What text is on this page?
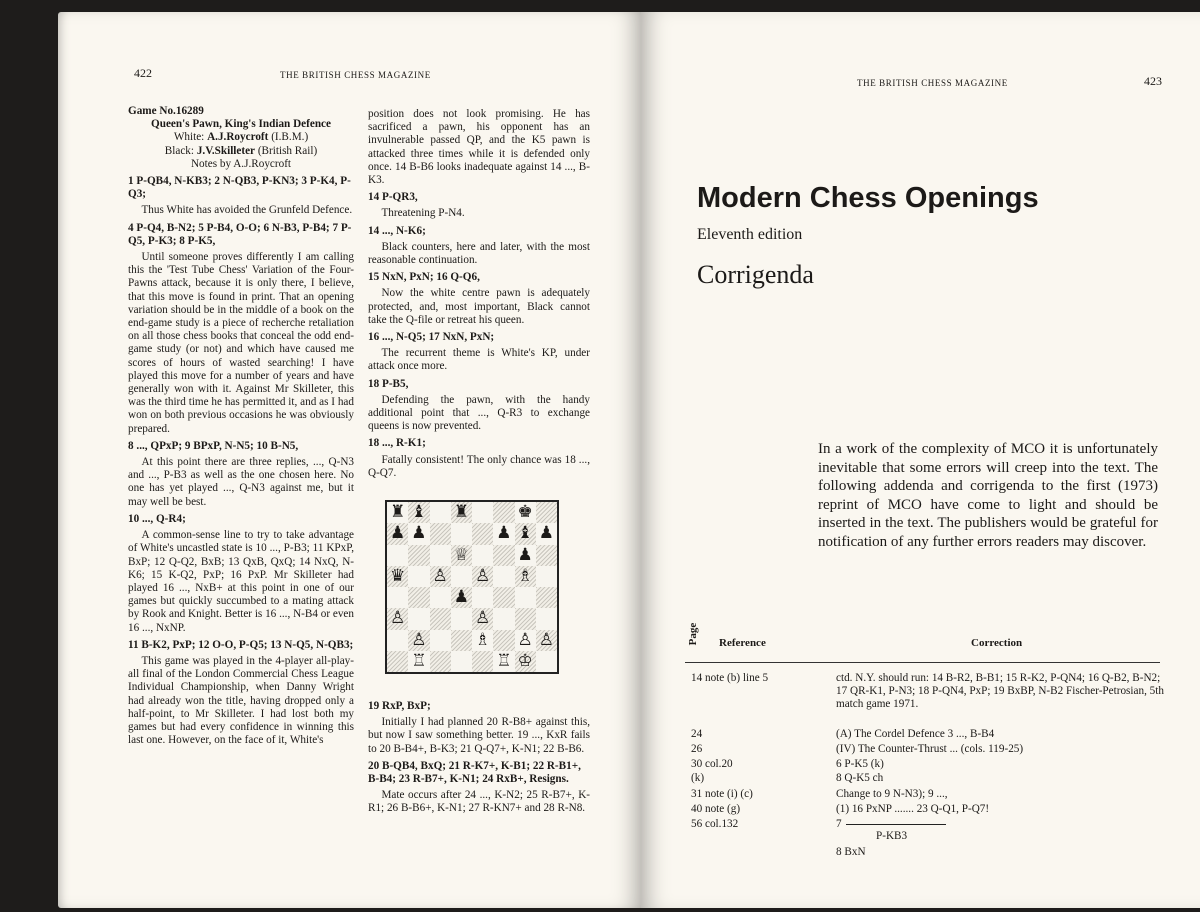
422	THE BRITISH CHESS MAGAZINE

Game No.16289

Queen's Pawn, King's Indian Defence

White: A.J.Roycroft (I.B.M.)

Black: J.V.Skilleter (British Rail)

Notes by A.J.Roycroft

1 P-QB4, N-KB3; 2 N-QB3, P-KN3; 3 P-K4, P-Q3;

Thus White has avoided the Grunfeld Defence.

4 P-Q4, B-N2; 5 P-B4, O-O; 6 N-B3, P-B4; 7 P-Q5, P-K3; 8 P-K5,

Until someone proves differently I am calling this the 'Test Tube Chess' Variation of the Four-Pawns attack, because it is only there, I believe, that this move is found in print. That an opening variation should be in the middle of a book on the end-game study is a piece of recherche retaliation on all those chess books that conceal the odd end-game study (or not) and which have caused me scores of hours of wasted searching! I have played this move for a number of years and have generally won with it. Against Mr Skilleter, this was the third time he has permitted it, and as I had won on both previous occasions he was obviously prepared.

8 ..., QPxP; 9 BPxP, N-N5; 10 B-N5,

At this point there are three replies, ..., Q-N3 and ..., P-B3 as well as the one chosen here. No one has yet played ..., Q-N3 against me, but it may well be best.

10 ..., Q-R4;

A common-sense line to try to take advantage of White's uncastled state is 10 ..., P-B3; 11 KPxP, BxP; 12 Q-Q2, BxB; 13 QxB, QxQ; 14 NxQ, N-K6; 15 K-Q2, PxP; 16 PxP. Mr Skilleter had played 16 ..., NxB+ at this point in one of our games but quickly succumbed to a mating attack by Rook and Knight. Better is 16 ..., N-B4 or even 16 ..., NxNP.

11 B-K2, PxP; 12 O-O, P-Q5; 13 N-Q5, N-QB3;

This game was played in the 4-player all-play-all final of the London Commercial Chess League Individual Championship, when Danny Wright had already won the title, having dropped only a half-point, to Mr Skilleter. I had lost both my games but had every confidence in winning this last one. However, on the face of it, White's

position does not look promising. He has sacrificed a pawn, his opponent has an invulnerable passed QP, and the K5 pawn is attacked three times while it is defended only once. 14 B-B6 looks inadequate against 14 ..., B-K3.

14 P-QR3,

Threatening P-N4.

14 ..., N-K6;

Black counters, here and later, with the most reasonable continuation.

15 NxN, PxN; 16 Q-Q6,

Now the white centre pawn is adequately protected, and, most important, Black cannot take the Q-file or retreat his queen.

16 ..., N-Q5; 17 NxN, PxN;

The recurrent theme is White's KP, under attack once more.

18 P-B5,

Defending the pawn, with the handy additional point that ..., Q-R3 to exchange queens is now prevented.

18 ..., R-K1;

Fatally consistent! The only chance was 18 ..., Q-Q7.

♜ ♝ ♜	♚
♟ ♟	♟ ♝ ♟
♕	♟
♛ ♙ ♙ ♗
♟
♙	♙
♙	♗ ♙ ♙
♖	♖ ♔

19 RxP, BxP;

Initially I had planned 20 R-B8+ against this, but now I saw something better. 19 ..., KxR fails to 20 B-B4+, B-K3; 21 Q-Q7+, K-N1; 22 B-B6.

20 B-QB4, BxQ; 21 R-K7+, K-B1; 22 R-B1+, B-B4; 23 R-B7+, K-N1; 24 RxB+, Resigns.

Mate occurs after 24 ..., K-N2; 25 R-B7+, K-R1; 26 B-B6+, K-N1; 27 R-KN7+ and 28 R-N8.

THE BRITISH CHESS MAGAZINE	423
Modern Chess Openings
Eleventh edition
Corrigenda
In a work of the complexity of MCO it is unfortunately inevitable that some errors will creep into the text. The following addenda and corrigenda to the first (1973) reprint of MCO have come to light and should be inserted in the text. The publishers would be grateful for notification of any further errors readers may discover.
Page Reference	Correction
14 note (b) line 5	ctd. N.Y. should run: 14 B-R2, B-B1; 15 R-K2, P-QN4; 16 Q-B2, B-N2; 17 QR-K1, P-N3; 18 P-QN4, PxP; 19 BxBP, N-B2 Fischer-Petrosian, 5th match game 1971.
24	(A) The Cordel Defence 3 ..., B-B4
26	(IV) The Counter-Thrust ... (cols. 119-25)
30 col.20	6 P-K5 (k)
(k)	8 Q-K5 ch
31 note (i) (c)	Change to 9 N-N3); 9 ...,
40 note (g)	(1) 16 PxNP ....... 23 Q-Q1, P-Q7!
56 col.132	7
P-KB3
8 BxN
